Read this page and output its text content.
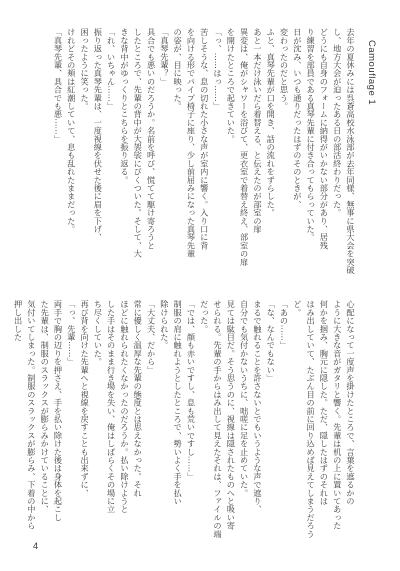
Camouflage 1
去年の夏休みには呉蒼高校水泳部が去年同様、無事に県大会を突破
し、地方大会が迫ったある日の部活終わりだった。
どうにも自身のフォームに納得がいかない部分があり、居残
り練習を部員である真琴先輩に付き合ってもらっていた。
日が沈み、いつも通りだったはずのそのときが、
変わったのだと思う。
ふと、真琴先輩が口を開き、話の流れをずらした。
あと一本だけ泳いだら着替える、と伝えたのが部室の扉
異変は、俺がシャワーを浴びて、更衣室で着替え終え、部室の扉
を開けたところで起きていた。
「っ、……はっ……」
苦しそうな、息の切れた小さな声が室内に響く。入り口に背
を向ける形でパイプ椅子に座り、少し前屈みになった真琴先輩
の姿が、目に映った。
「真琴先輩？」
具合でも悪いのだろうか。名前を呼び、慌てて駆け寄ろうと
したところで、先輩の背中が大袈裟にびくついた。そして、大
きな背中がゆっくりとこちらを振り返る。
「れ、いちゃん……」
振り返った真琴先輩は、一度視線を伏せた後に眉を下げ、
困ったように笑った。
けれどその頬は紅潮していて、息も乱れたままだった。
「真琴先輩、具合でも悪……」
心配になって一度声を掛けたところで、言葉を遮るかの
ように大きな音がガタリと響く。先輩は机の上に置いてあった
何かを掴み、胸元に隠した。ただ、隠したはずのそれは
はみ出していて、たぶん目の前に回り込めば見えてしまうだろう
ど。
「あの……」
「な、なんでもない」
まるで触れることを許さないとでもいうような声で遮り、
自分でも気付かないうちに、咄嗟に足を止めていた。
見ては駄目だ。そう思うのに、視線は隠されたものへと吸い寄
せられる。先輩の手からはみ出して見えたそれは、ファイルの端
だった。
「では、顔も赤いですし、息も荒いですし……」
制服の肩に触れようとしたところで、勢いよく手を払い
除けられた。
「大丈夫、だから」
常に優しく温厚な先輩の態度とは思えなかった。それ
ほどに触れられたくなかったのだろうか。払い除けようと
した手はそのまま行き場を失い、俺はしばらくその場に立
ち尽くしていた。
再び背を向けた先輩へと視線を戻すことも出来ずに、
「っ、先輩……」
両手で胸の辺りを押さえ、手を払い除けた後は身体を起こし
た先輩は、制服のスラックスが膨らみかけていることに、
気付いてしまった。制服のスラックスが膨らみ、下着の中から
押し出した
4
